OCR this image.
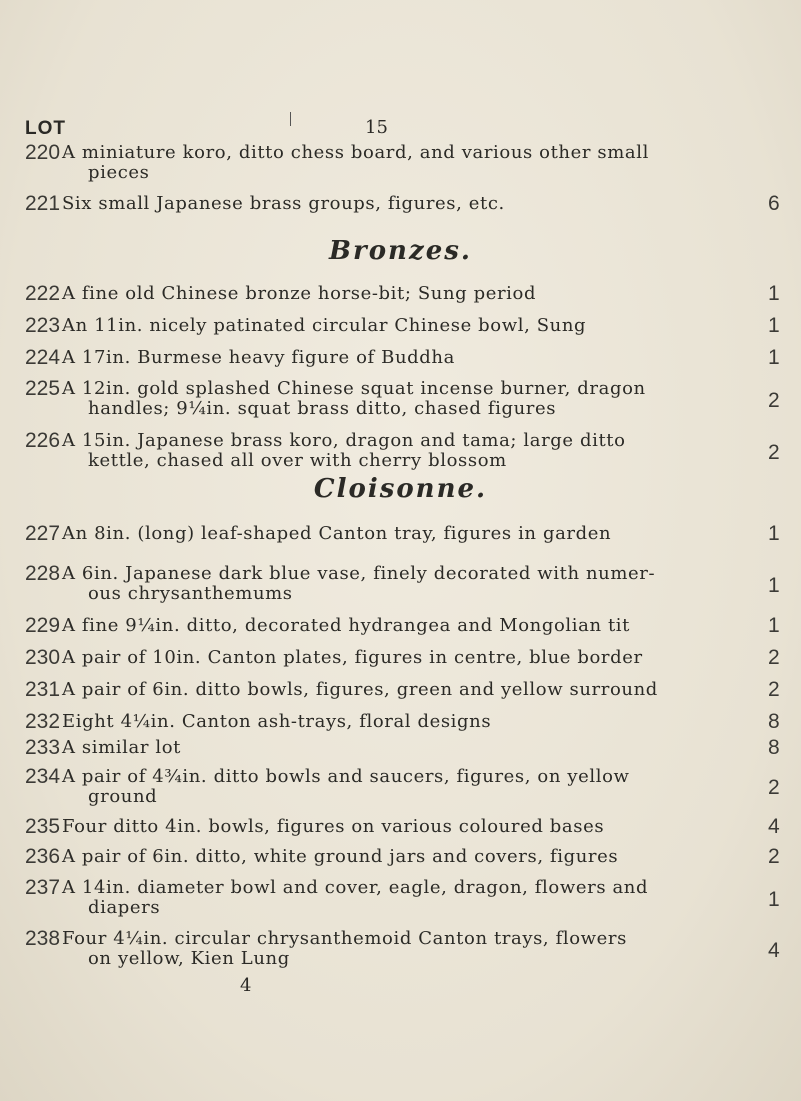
LOT	15
220 A miniature koro, ditto chess board, and various other small
pieces
221 Six small Japanese brass groups, figures, etc.	6
Bronzes.
222 A fine old Chinese bronze horse-bit; Sung period	1
223 An 11in. nicely patinated circular Chinese bowl, Sung	1
224 A 17in. Burmese heavy figure of Buddha	1
225 A 12in. gold splashed Chinese squat incense burner, dragon
handles; 9¼in. squat brass ditto, chased figures	2
226 A 15in. Japanese brass koro, dragon and tama; large ditto
kettle, chased all over with cherry blossom	2
Cloisonne.
227 An 8in. (long) leaf-shaped Canton tray, figures in garden	1
228 A 6in. Japanese dark blue vase, finely decorated with numer-
ous chrysanthemums	1
229 A fine 9¼in. ditto, decorated hydrangea and Mongolian tit	1
230 A pair of 10in. Canton plates, figures in centre, blue border	2
231 A pair of 6in. ditto bowls, figures, green and yellow surround	2
232 Eight 4¼in. Canton ash-trays, floral designs	8
233 A similar lot	8
234 A pair of 4¾in. ditto bowls and saucers, figures, on yellow
ground	2
235 Four ditto 4in. bowls, figures on various coloured bases	4
236 A pair of 6in. ditto, white ground jars and covers, figures	2
237 A 14in. diameter bowl and cover, eagle, dragon, flowers and
diapers	1
238 Four 4¼in. circular chrysanthemoid Canton trays, flowers
on yellow, Kien Lung	4
4
